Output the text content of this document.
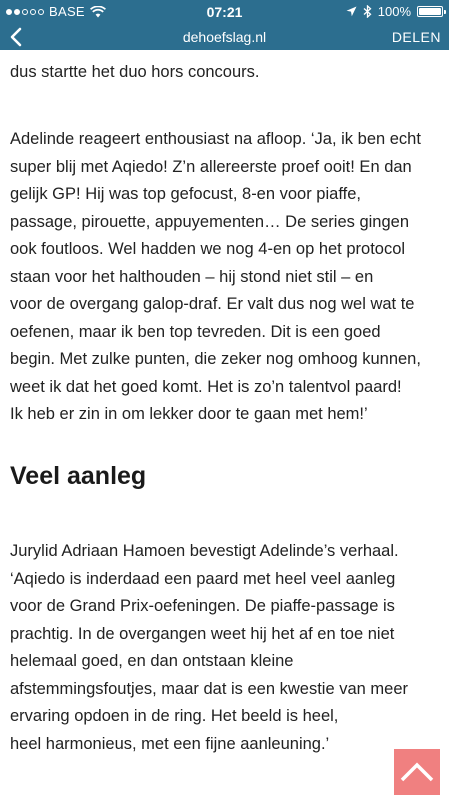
BASE	07:21	100%
dehoefslag.nl	DELEN

dus startte het duo hors concours.

Adelinde reageert enthousiast na afloop. ‘Ja, ik ben echt
super blij met Aqiedo! Z’n allereerste proef ooit! En dan
gelijk GP! Hij was top gefocust, 8-en voor piaffe,
passage, pirouette, appuyementen… De series gingen
ook foutloos. Wel hadden we nog 4-en op het protocol
staan voor het halthouden – hij stond niet stil – en
voor de overgang galop-draf. Er valt dus nog wel wat te
oefenen, maar ik ben top tevreden. Dit is een goed
begin. Met zulke punten, die zeker nog omhoog kunnen,
weet ik dat het goed komt. Het is zo’n talentvol paard!
Ik heb er zin in om lekker door te gaan met hem!’

Veel aanleg

Jurylid Adriaan Hamoen bevestigt Adelinde’s verhaal.
‘Aqiedo is inderdaad een paard met heel veel aanleg
voor de Grand Prix-oefeningen. De piaffe-passage is
prachtig. In de overgangen weet hij het af en toe niet
helemaal goed, en dan ontstaan kleine
afstemmingsfoutjes, maar dat is een kwestie van meer
ervaring opdoen in de ring. Het beeld is heel,
heel harmonieus, met een fijne aanleuning.’
